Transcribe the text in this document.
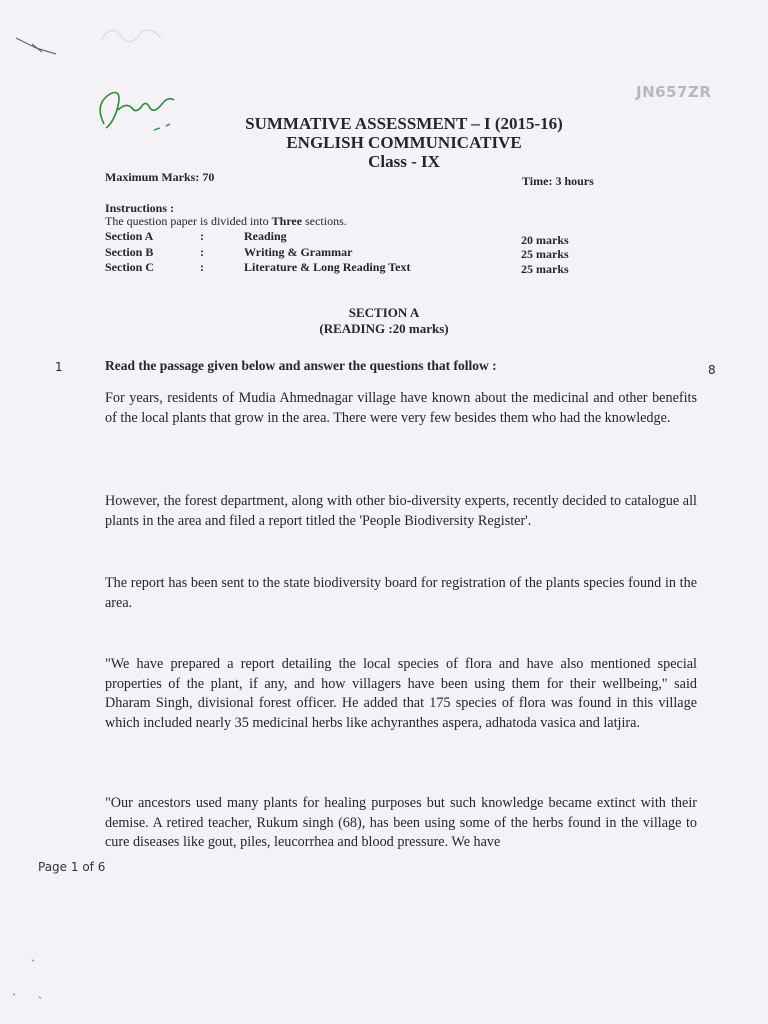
JN657ZR
SUMMATIVE ASSESSMENT – I (2015-16)
ENGLISH COMMUNICATIVE
Class - IX
Maximum Marks: 70	Time: 3 hours
Instructions :
The question paper is divided into Three sections.
Section A	:	Reading	20 marks
Section B	:	Writing & Grammar	25 marks
Section C	:	Literature & Long Reading Text	25 marks
SECTION A
(READING :20 marks)
1	Read the passage given below and answer the questions that follow :	8

For years, residents of Mudia Ahmednagar village have known about the medicinal and other benefits of the local plants that grow in the area. There were very few besides them who had the knowledge.

However, the forest department, along with other bio-diversity experts, recently decided to catalogue all plants in the area and filed a report titled the 'People Biodiversity Register'.

The report has been sent to the state biodiversity board for registration of the plants species found in the area.

"We have prepared a report detailing the local species of flora and have also mentioned special properties of the plant, if any, and how villagers have been using them for their wellbeing," said Dharam Singh, divisional forest officer. He added that 175 species of flora was found in this village which included nearly 35 medicinal herbs like achyranthes aspera, adhatoda vasica and latjira.

"Our ancestors used many plants for healing purposes but such knowledge became extinct with their demise. A retired teacher, Rukum singh (68), has been using some of the herbs found in the village to cure diseases like gout, piles, leucorrhea and blood pressure. We have

Page 1 of 6
ˎ
ˎ ˏ
